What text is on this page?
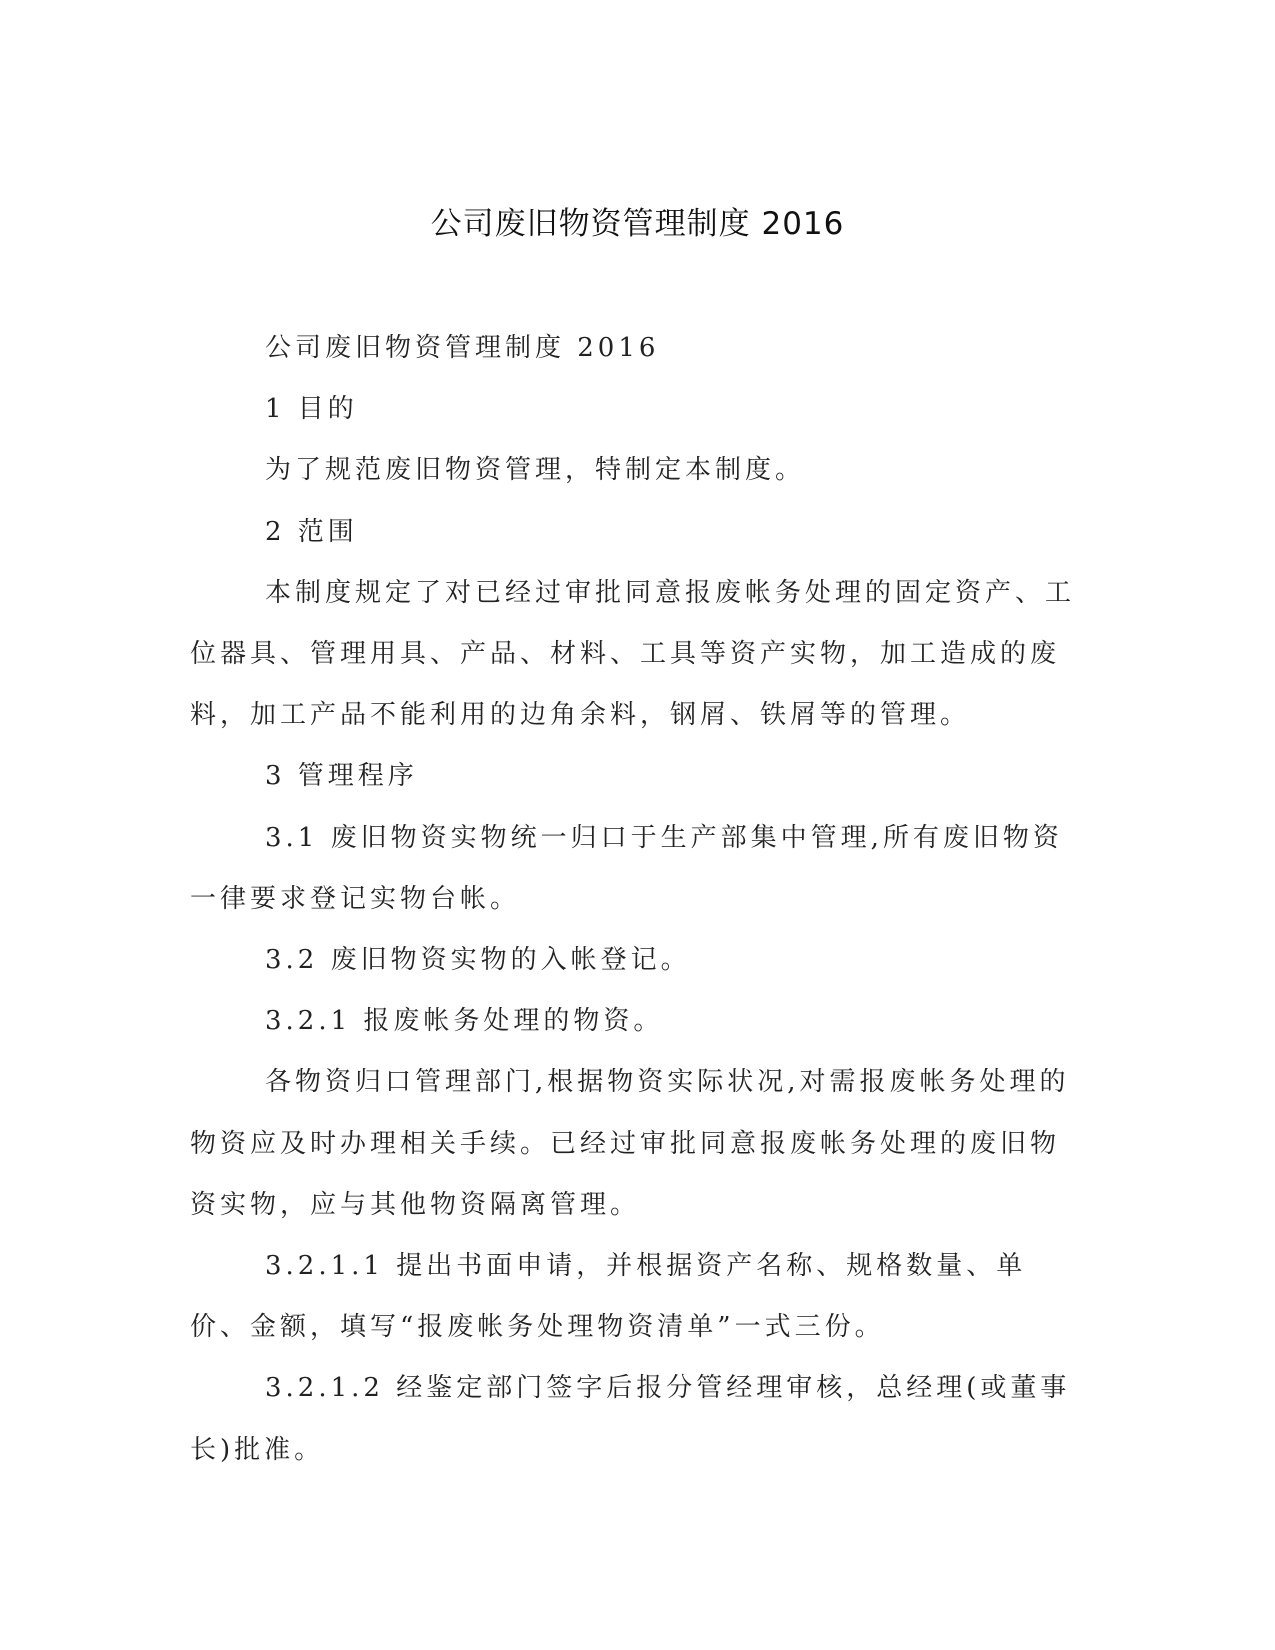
公司废旧物资管理制度 2016

公司废旧物资管理制度 2016

1 目的

为了规范废旧物资管理，特制定本制度。

2 范围

本制度规定了对已经过审批同意报废帐务处理的固定资产、工位器具、管理用具、产品、材料、工具等资产实物，加工造成的废料，加工产品不能利用的边角余料，钢屑、铁屑等的管理。

3 管理程序

3.1 废旧物资实物统一归口于生产部集中管理,所有废旧物资一律要求登记实物台帐。

3.2 废旧物资实物的入帐登记。

3.2.1 报废帐务处理的物资。

各物资归口管理部门,根据物资实际状况,对需报废帐务处理的物资应及时办理相关手续。已经过审批同意报废帐务处理的废旧物资实物，应与其他物资隔离管理。

3.2.1.1 提出书面申请，并根据资产名称、规格数量、单价、金额，填写“报废帐务处理物资清单”一式三份。

3.2.1.2 经鉴定部门签字后报分管经理审核，总经理(或董事长)批准。
